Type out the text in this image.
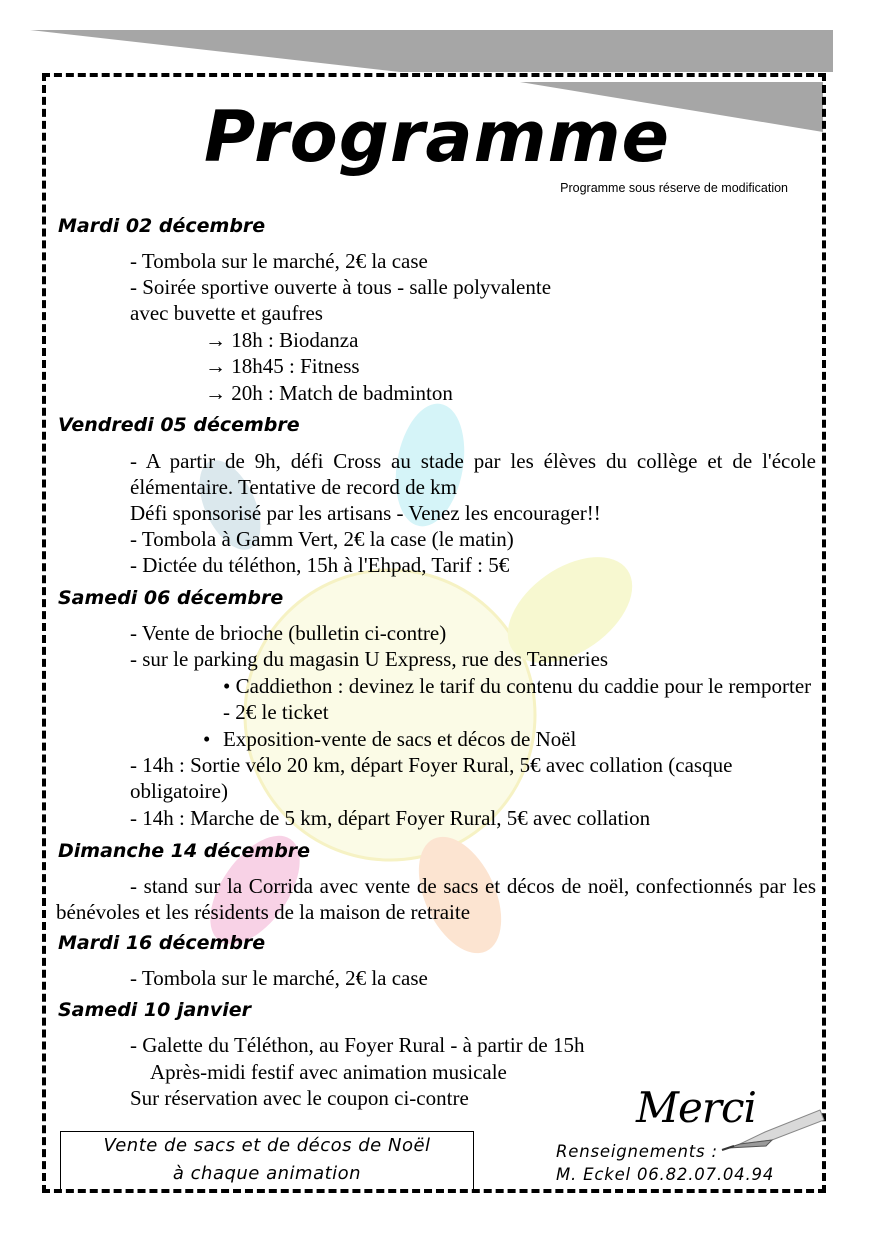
Programme
Programme sous réserve de modification
Mardi 02 décembre
- Tombola sur le marché, 2€ la case
- Soirée sportive ouverte à tous - salle polyvalente
avec buvette et gaufres
→ 18h : Biodanza
→ 18h45 : Fitness
→ 20h : Match de badminton
Vendredi 05 décembre
- A partir de 9h, défi Cross au stade par les élèves du collège et de l'école élémentaire. Tentative de record de km
Défi sponsorisé par les artisans - Venez les encourager!!
- Tombola à Gamm Vert, 2€ la case (le matin)
- Dictée du téléthon, 15h à l'Ehpad, Tarif : 5€
Samedi 06 décembre
- Vente de brioche (bulletin ci-contre)
- sur le parking du magasin U Express, rue des Tanneries
• Caddiethon : devinez le tarif du contenu du caddie pour le remporter - 2€ le ticket
• Exposition-vente de sacs et décos de Noël
- 14h : Sortie vélo 20 km, départ Foyer Rural, 5€ avec collation (casque obligatoire)
- 14h : Marche de 5 km, départ Foyer Rural, 5€ avec collation
Dimanche 14 décembre
- stand sur la Corrida avec vente de sacs et décos de noël, confectionnés par les bénévoles et les résidents de la maison de retraite
Mardi 16 décembre
- Tombola sur le marché, 2€ la case
Samedi 10 janvier
- Galette du Téléthon, au Foyer Rural - à partir de 15h
Après-midi festif avec animation musicale
Sur réservation avec le coupon ci-contre	Merci
Vente de sacs et de décos de Noël
à chaque animation
Renseignements :
M. Eckel 06.82.07.04.94
